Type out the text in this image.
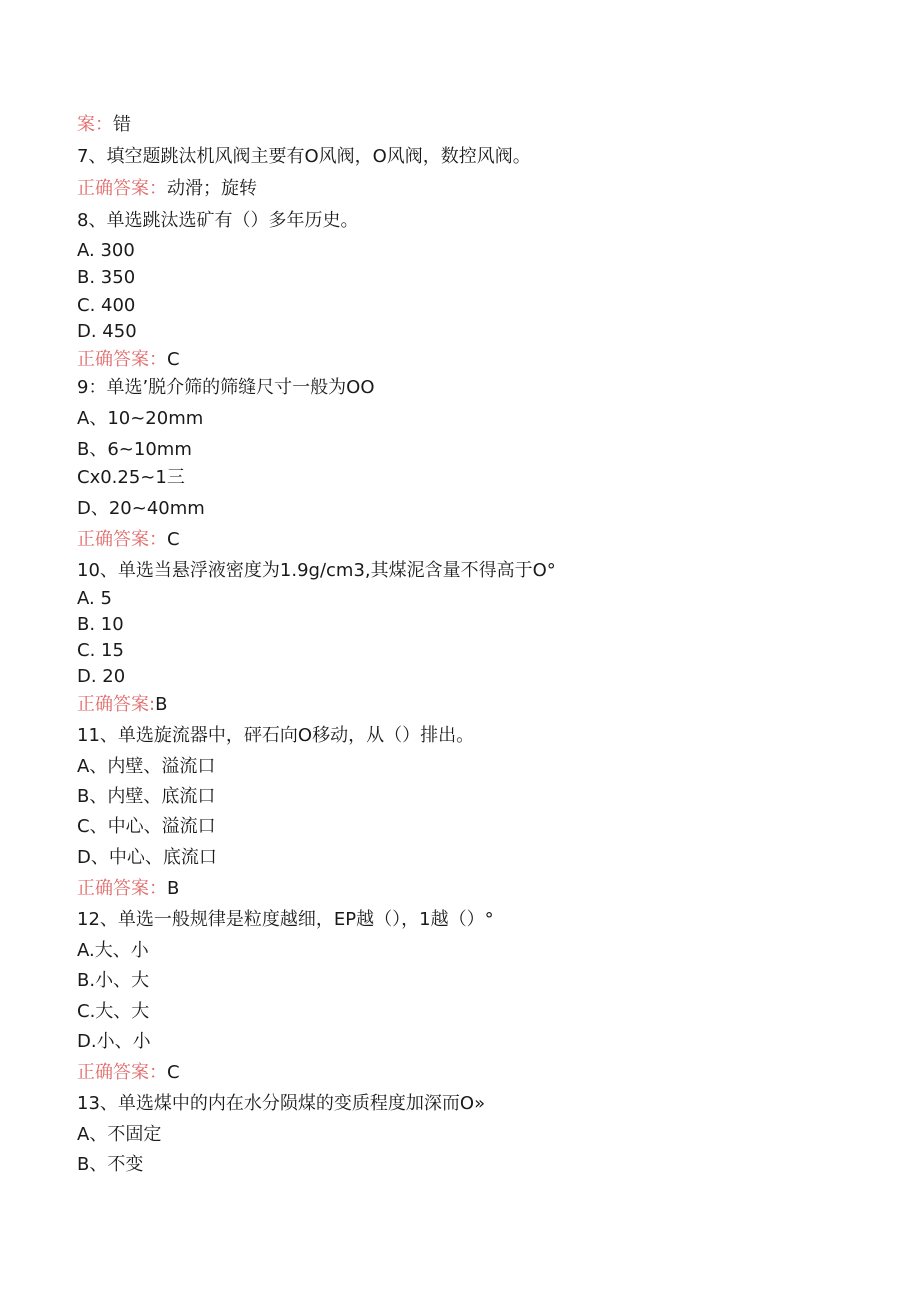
案：错
7、填空题跳汰机风阀主要有O风阀，O风阀，数控风阀。
正确答案：动滑；旋转
8、单选跳汰选矿有（）多年历史。
A. 300
B. 350
C. 400
D. 450
正确答案：C
9：单选’脱介筛的筛缝尺寸一般为OO
A、10~20mm
B、6~10mm
Cx0.25~1三
D、20~40mm
正确答案：C
10、单选当悬浮液密度为1.9g∕cm3,其煤泥含量不得高于O°
A. 5
B. 10
C. 15
D. 20
正确答案:B
11、单选旋流器中，砰石向O移动，从（）排出。
A、内壁、溢流口
B、内壁、底流口
C、中心、溢流口
D、中心、底流口
正确答案：B
12、单选一般规律是粒度越细，EP越（），1越（）°
A.大、小
B.小、大
C.大、大
D.小、小
正确答案：C
13、单选煤中的内在水分陨煤的变质程度加深而O»
A、不固定
B、不变
